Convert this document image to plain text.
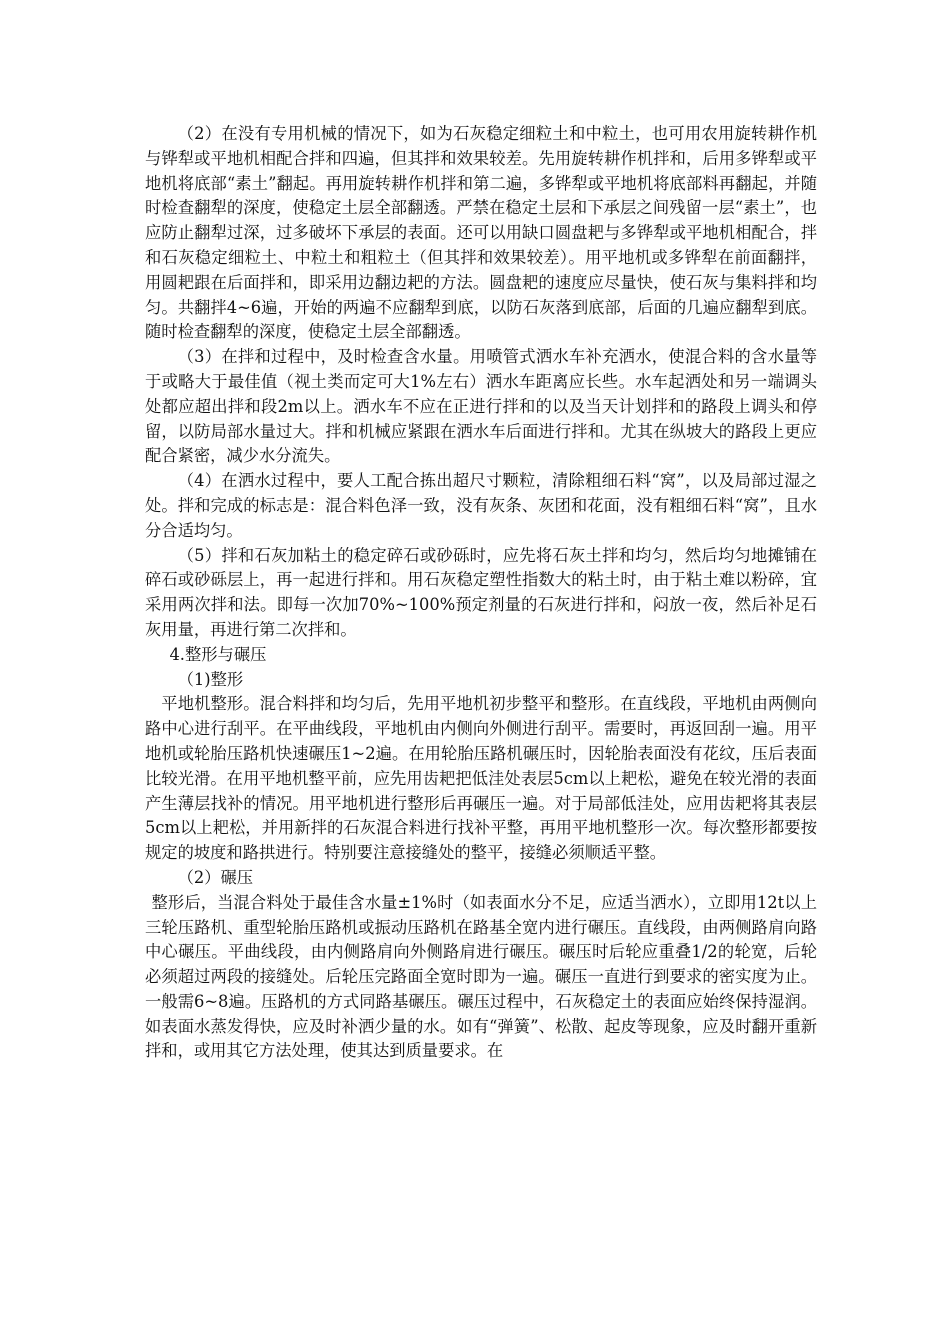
（2）在没有专用机械的情况下，如为石灰稳定细粒土和中粒土，也可用农用旋转耕作机与铧犁或平地机相配合拌和四遍，但其拌和效果较差。先用旋转耕作机拌和，后用多铧犁或平地机将底部“素土”翻起。再用旋转耕作机拌和第二遍，多铧犁或平地机将底部料再翻起，并随时检查翻犁的深度，使稳定土层全部翻透。严禁在稳定土层和下承层之间残留一层“素土”，也应防止翻犁过深，过多破坏下承层的表面。还可以用缺口圆盘耙与多铧犁或平地机相配合，拌和石灰稳定细粒土、中粒土和粗粒土（但其拌和效果较差）。用平地机或多铧犁在前面翻拌，用圆耙跟在后面拌和，即采用边翻边耙的方法。圆盘耙的速度应尽量快，使石灰与集料拌和均匀。共翻拌4~6遍，开始的两遍不应翻犁到底，以防石灰落到底部，后面的几遍应翻犁到底。随时检查翻犁的深度，使稳定土层全部翻透。

（3）在拌和过程中，及时检查含水量。用喷管式洒水车补充洒水，使混合料的含水量等于或略大于最佳值（视土类而定可大1%左右）洒水车距离应长些。水车起洒处和另一端调头处都应超出拌和段2m以上。洒水车不应在正进行拌和的以及当天计划拌和的路段上调头和停留，以防局部水量过大。拌和机械应紧跟在洒水车后面进行拌和。尤其在纵坡大的路段上更应配合紧密，减少水分流失。

（4）在洒水过程中，要人工配合拣出超尺寸颗粒，清除粗细石料“窝”，以及局部过湿之处。拌和完成的标志是：混合料色泽一致，没有灰条、灰团和花面，没有粗细石料“窝”，且水分合适均匀。

（5）拌和石灰加粘土的稳定碎石或砂砾时，应先将石灰土拌和均匀，然后均匀地摊铺在碎石或砂砾层上，再一起进行拌和。用石灰稳定塑性指数大的粘土时，由于粘土难以粉碎，宜采用两次拌和法。即每一次加70%~100%预定剂量的石灰进行拌和，闷放一夜，然后补足石灰用量，再进行第二次拌和。

4.整形与碾压

（1)整形

平地机整形。混合料拌和均匀后，先用平地机初步整平和整形。在直线段，平地机由两侧向路中心进行刮平。在平曲线段，平地机由内侧向外侧进行刮平。需要时，再返回刮一遍。用平地机或轮胎压路机快速碾压1~2遍。在用轮胎压路机碾压时，因轮胎表面没有花纹，压后表面比较光滑。在用平地机整平前，应先用齿耙把低洼处表层5cm以上耙松，避免在较光滑的表面产生薄层找补的情况。用平地机进行整形后再碾压一遍。对于局部低洼处，应用齿耙将其表层5cm以上耙松，并用新拌的石灰混合料进行找补平整，再用平地机整形一次。每次整形都要按规定的坡度和路拱进行。特别要注意接缝处的整平，接缝必须顺适平整。

（2）碾压

整形后，当混合料处于最佳含水量±1%时（如表面水分不足，应适当洒水），立即用12t以上三轮压路机、重型轮胎压路机或振动压路机在路基全宽内进行碾压。直线段，由两侧路肩向路中心碾压。平曲线段，由内侧路肩向外侧路肩进行碾压。碾压时后轮应重叠1/2的轮宽，后轮必须超过两段的接缝处。后轮压完路面全宽时即为一遍。碾压一直进行到要求的密实度为止。一般需6~8遍。压路机的方式同路基碾压。碾压过程中，石灰稳定土的表面应始终保持湿润。如表面水蒸发得快，应及时补洒少量的水。如有“弹簧”、松散、起皮等现象，应及时翻开重新拌和，或用其它方法处理，使其达到质量要求。在
